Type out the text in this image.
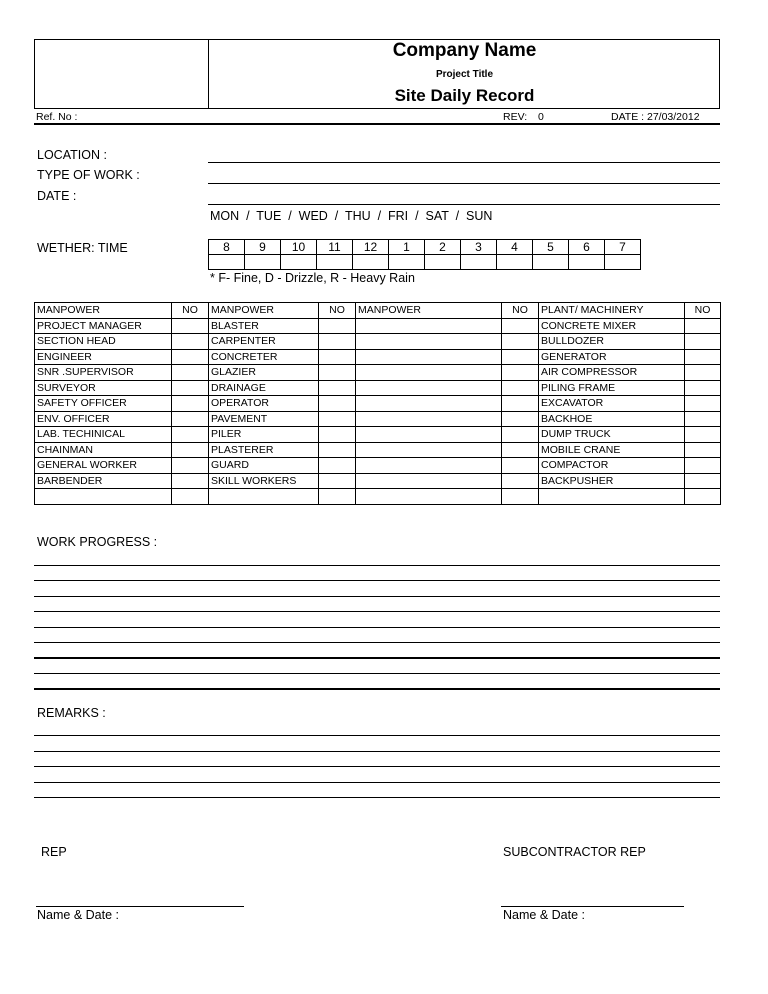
Company Name
Project Title
Site Daily Record
Ref. No :	REV: 0	DATE : 27/03/2012
LOCATION :
TYPE OF WORK :
DATE :
MON  /  TUE  /  WED  /  THU  /  FRI  /  SAT  /  SUN
WETHER: TIME	8	9	10	11	12	1	2	3	4	5	6	7

* F- Fine, D - Drizzle, R - Heavy Rain
MANPOWER	NO	MANPOWER	NO	MANPOWER	NO	PLANT/ MACHINERY	NO
PROJECT MANAGER		BLASTER				CONCRETE MIXER	
SECTION HEAD		CARPENTER				BULLDOZER	
ENGINEER		CONCRETER				GENERATOR	
SNR .SUPERVISOR		GLAZIER				AIR COMPRESSOR	
SURVEYOR		DRAINAGE				PILING FRAME	
SAFETY OFFICER		OPERATOR				EXCAVATOR	
ENV. OFFICER		PAVEMENT				BACKHOE	
LAB. TECHINICAL		PILER				DUMP TRUCK	
CHAINMAN		PLASTERER				MOBILE CRANE	
GENERAL WORKER		GUARD				COMPACTOR	
BARBENDER		SKILL WORKERS				BACKPUSHER	

WORK PROGRESS :
REMARKS :
REP	SUBCONTRACTOR REP
Name & Date :	Name & Date :
